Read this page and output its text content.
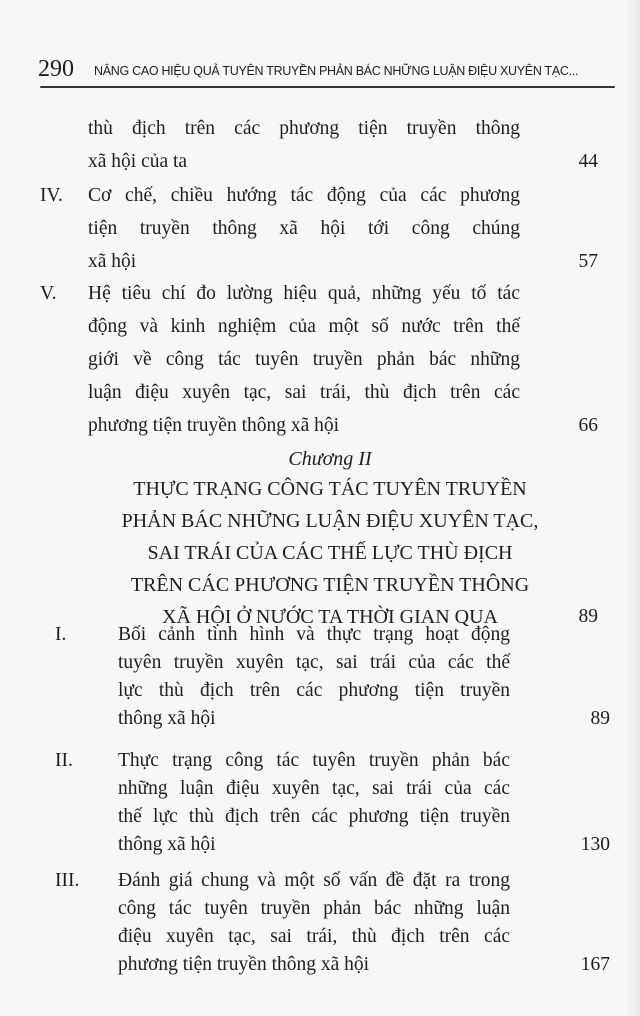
290 NÂNG CAO HIỆU QUẢ TUYÊN TRUYỀN PHẢN BÁC NHỮNG LUẬN ĐIỆU XUYÊN TẠC...
thù địch trên các phương tiện truyền thông
xã hội của ta	44
IV. Cơ chế, chiều hướng tác động của các phương
tiện truyền thông xã hội tới công chúng
xã hội	57
V. Hệ tiêu chí đo lường hiệu quả, những yếu tố tác
động và kinh nghiệm của một số nước trên thế
giới về công tác tuyên truyền phản bác những
luận điệu xuyên tạc, sai trái, thù địch trên các
phương tiện truyền thông xã hội	66
Chương II
THỰC TRẠNG CÔNG TÁC TUYÊN TRUYỀN
PHẢN BÁC NHỮNG LUẬN ĐIỆU XUYÊN TẠC,
SAI TRÁI CỦA CÁC THẾ LỰC THÙ ĐỊCH
TRÊN CÁC PHƯƠNG TIỆN TRUYỀN THÔNG
XÃ HỘI Ở NƯỚC TA THỜI GIAN QUA	89
I.	Bối cảnh tình hình và thực trạng hoạt động
tuyên truyền xuyên tạc, sai trái của các thế
lực thù địch trên các phương tiện truyền
thông xã hội	89
II. Thực trạng công tác tuyên truyền phản bác
những luận điệu xuyên tạc, sai trái của các
thế lực thù địch trên các phương tiện truyền
thông xã hội	130
III. Đánh giá chung và một số vấn đề đặt ra trong
công tác tuyên truyền phản bác những luận
điệu xuyên tạc, sai trái, thù địch trên các
phương tiện truyền thông xã hội	167
